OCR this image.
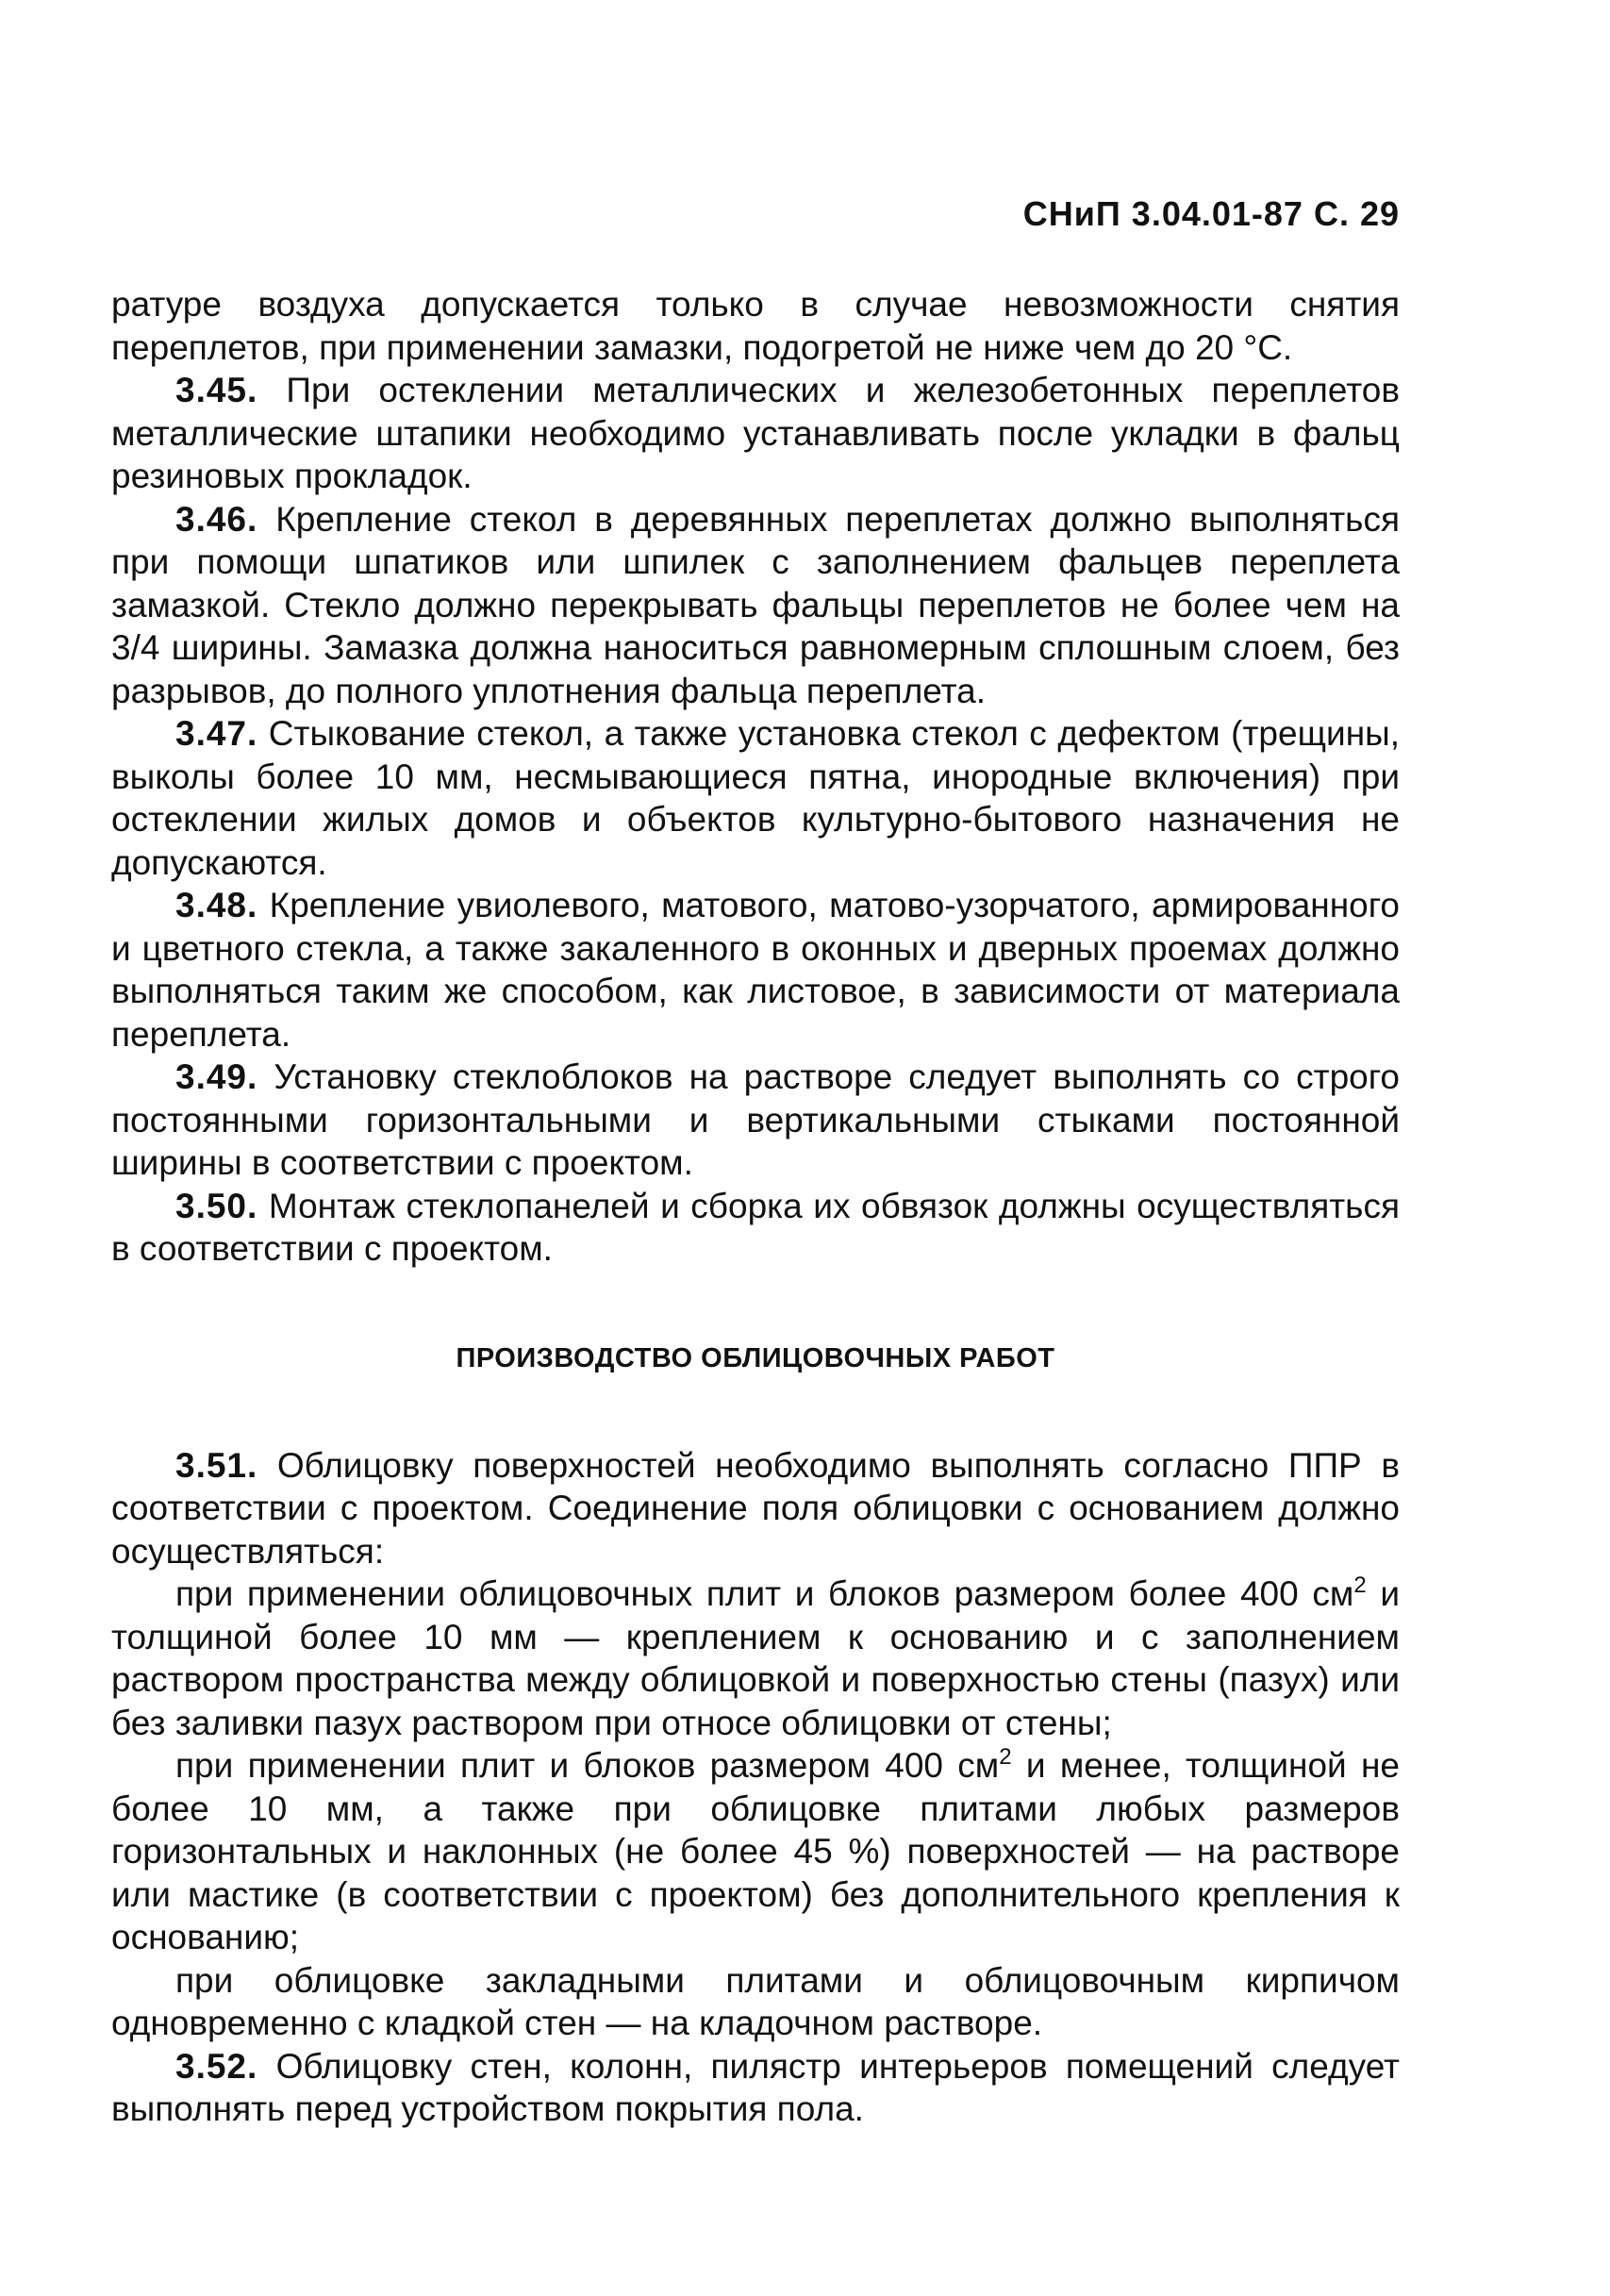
СНиП 3.04.01-87 С. 29

ратуре воздуха допускается только в случае невозможности снятия переплетов, при применении замазки, подогретой не ниже чем до 20 °С.

3.45. При остеклении металлических и железобетонных переплетов металлические штапики необходимо устанавливать после укладки в фальц резиновых прокладок.

3.46. Крепление стекол в деревянных переплетах должно выполняться при помощи шпатиков или шпилек с заполнением фальцев переплета замазкой. Стекло должно перекрывать фальцы переплетов не более чем на 3/4 ширины. Замазка должна наноситься равномерным сплошным слоем, без разрывов, до полного уплотнения фальца переплета.

3.47. Стыкование стекол, а также установка стекол с дефектом (трещины, выколы более 10 мм, несмывающиеся пятна, инородные включения) при остеклении жилых домов и объектов культурно-бытового назначения не допускаются.

3.48. Крепление увиолевого, матового, матово-узорчатого, армированного и цветного стекла, а также закаленного в оконных и дверных проемах должно выполняться таким же способом, как листовое, в зависимости от материала переплета.

3.49. Установку стеклоблоков на растворе следует выполнять со строго постоянными горизонтальными и вертикальными стыками постоянной ширины в соответствии с проектом.

3.50. Монтаж стеклопанелей и сборка их обвязок должны осуществляться в соответствии с проектом.

ПРОИЗВОДСТВО ОБЛИЦОВОЧНЫХ РАБОТ

3.51. Облицовку поверхностей необходимо выполнять согласно ППР в соответствии с проектом. Соединение поля облицовки с основанием должно осуществляться:

при применении облицовочных плит и блоков размером более 400 $см^2$ и толщиной более 10 мм — креплением к основанию и с заполнением раствором пространства между облицовкой и поверхностью стены (пазух) или без заливки пазух раствором при относе облицовки от стены;

при применении плит и блоков размером 400 $см^2$ и менее, толщиной не более 10 мм, а также при облицовке плитами любых размеров горизонтальных и наклонных (не более 45 %) поверхностей — на растворе или мастике (в соответствии с проектом) без дополнительного крепления к основанию;

при облицовке закладными плитами и облицовочным кирпичом одновременно с кладкой стен — на кладочном растворе.

3.52. Облицовку стен, колонн, пилястр интерьеров помещений следует выполнять перед устройством покрытия пола.
